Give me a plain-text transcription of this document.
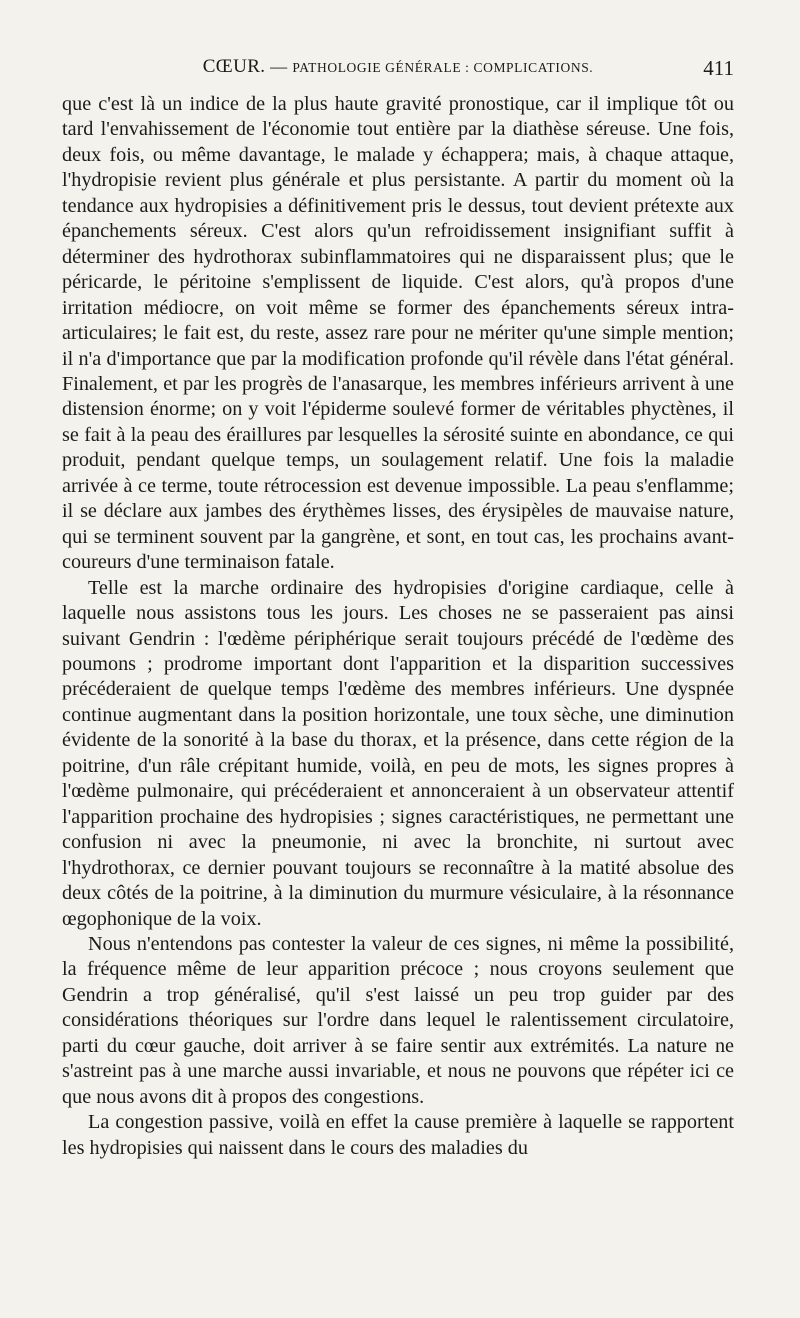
CŒUR. — PATHOLOGIE GÉNÉRALE : COMPLICATIONS.	411

que c'est là un indice de la plus haute gravité pronostique, car il implique tôt ou tard l'envahissement de l'économie tout entière par la diathèse séreuse. Une fois, deux fois, ou même davantage, le malade y échappera; mais, à chaque attaque, l'hydropisie revient plus générale et plus persistante. A partir du moment où la tendance aux hydropisies a définitivement pris le dessus, tout devient prétexte aux épanchements séreux. C'est alors qu'un refroidissement insignifiant suffit à déterminer des hydrothorax subinflammatoires qui ne disparaissent plus; que le péricarde, le péritoine s'emplissent de liquide. C'est alors, qu'à propos d'une irritation médiocre, on voit même se former des épanchements séreux intra-articulaires; le fait est, du reste, assez rare pour ne mériter qu'une simple mention; il n'a d'importance que par la modification profonde qu'il révèle dans l'état général. Finalement, et par les progrès de l'anasarque, les membres inférieurs arrivent à une distension énorme; on y voit l'épiderme soulevé former de véritables phyctènes, il se fait à la peau des éraillures par lesquelles la sérosité suinte en abondance, ce qui produit, pendant quelque temps, un soulagement relatif. Une fois la maladie arrivée à ce terme, toute rétrocession est devenue impossible. La peau s'enflamme; il se déclare aux jambes des érythèmes lisses, des érysipèles de mauvaise nature, qui se terminent souvent par la gangrène, et sont, en tout cas, les prochains avant-coureurs d'une terminaison fatale.

Telle est la marche ordinaire des hydropisies d'origine cardiaque, celle à laquelle nous assistons tous les jours. Les choses ne se passeraient pas ainsi suivant Gendrin : l'œdème périphérique serait toujours précédé de l'œdème des poumons ; prodrome important dont l'apparition et la disparition successives précéderaient de quelque temps l'œdème des membres inférieurs. Une dyspnée continue augmentant dans la position horizontale, une toux sèche, une diminution évidente de la sonorité à la base du thorax, et la présence, dans cette région de la poitrine, d'un râle crépitant humide, voilà, en peu de mots, les signes propres à l'œdème pulmonaire, qui précéderaient et annonceraient à un observateur attentif l'apparition prochaine des hydropisies ; signes caractéristiques, ne permettant une confusion ni avec la pneumonie, ni avec la bronchite, ni surtout avec l'hydrothorax, ce dernier pouvant toujours se reconnaître à la matité absolue des deux côtés de la poitrine, à la diminution du murmure vésiculaire, à la résonnance œgophonique de la voix.

Nous n'entendons pas contester la valeur de ces signes, ni même la possibilité, la fréquence même de leur apparition précoce ; nous croyons seulement que Gendrin a trop généralisé, qu'il s'est laissé un peu trop guider par des considérations théoriques sur l'ordre dans lequel le ralentissement circulatoire, parti du cœur gauche, doit arriver à se faire sentir aux extrémités. La nature ne s'astreint pas à une marche aussi invariable, et nous ne pouvons que répéter ici ce que nous avons dit à propos des congestions.

La congestion passive, voilà en effet la cause première à laquelle se rapportent les hydropisies qui naissent dans le cours des maladies du
